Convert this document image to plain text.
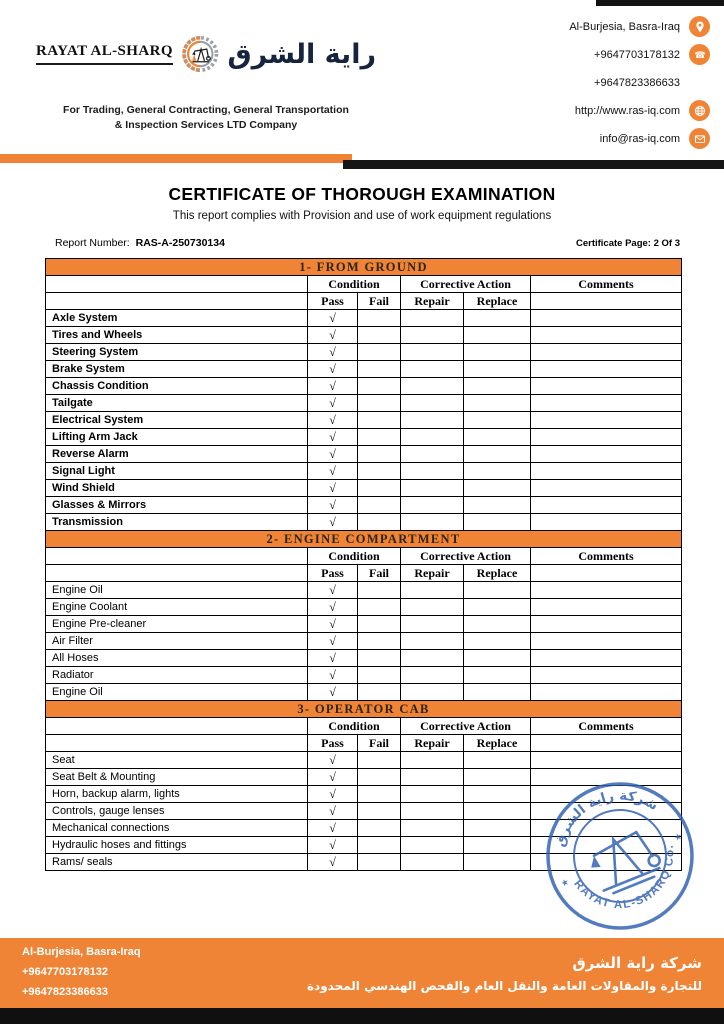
RAYAT AL-SHARQ راية الشرق
For Trading, General Contracting, General Transportation
& Inspection Services LTD Company
Al-Burjesia, Basra-Iraq
+9647703178132 ☎
+9647823386633
http://www.ras-iq.com
info@ras-iq.com
CERTIFICATE OF THOROUGH EXAMINATION

This report complies with Provision and use of work equipment regulations

Report Number: RAS-A-250730134	Certificate Page: 2 Of 3
1- FROM GROUND					
	Condition		Corrective Action		Comments
	Pass	Fail	Repair	Replace	
Axle System	√				
Tires and Wheels	√				
Steering System	√				
Brake System	√				
Chassis Condition	√				
Tailgate	√				
Electrical System	√				
Lifting Arm Jack	√				
Reverse Alarm	√				
Signal Light	√				
Wind Shield	√				
Glasses & Mirrors	√				
Transmission	√				
2- ENGINE COMPARTMENT					
	Condition		Corrective Action		Comments
	Pass	Fail	Repair	Replace	
Engine Oil	√				
Engine Coolant	√				
Engine Pre-cleaner	√				
Air Filter	√				
All Hoses	√				
Radiator	√				
Engine Oil	√				
3- OPERATOR CAB					
	Condition		Corrective Action		Comments
	Pass	Fail	Repair	Replace	
Seat	√				
Seat Belt & Mounting	√				
Horn, backup alarm, lights	√				
Controls, gauge lenses	√				
Mechanical connections	√				
Hydraulic hoses and fittings	√				
Rams/ seals	√				
★
★
شركة راية الشرق
RAYAT AL-SHARQ Co.
Al-Burjesia, Basra-Iraq
+9647703178132
+9647823386633
شركة راية الشرق
للتجارة والمقاولات العامة والنقل العام والفحص الهندسي المحدودة
